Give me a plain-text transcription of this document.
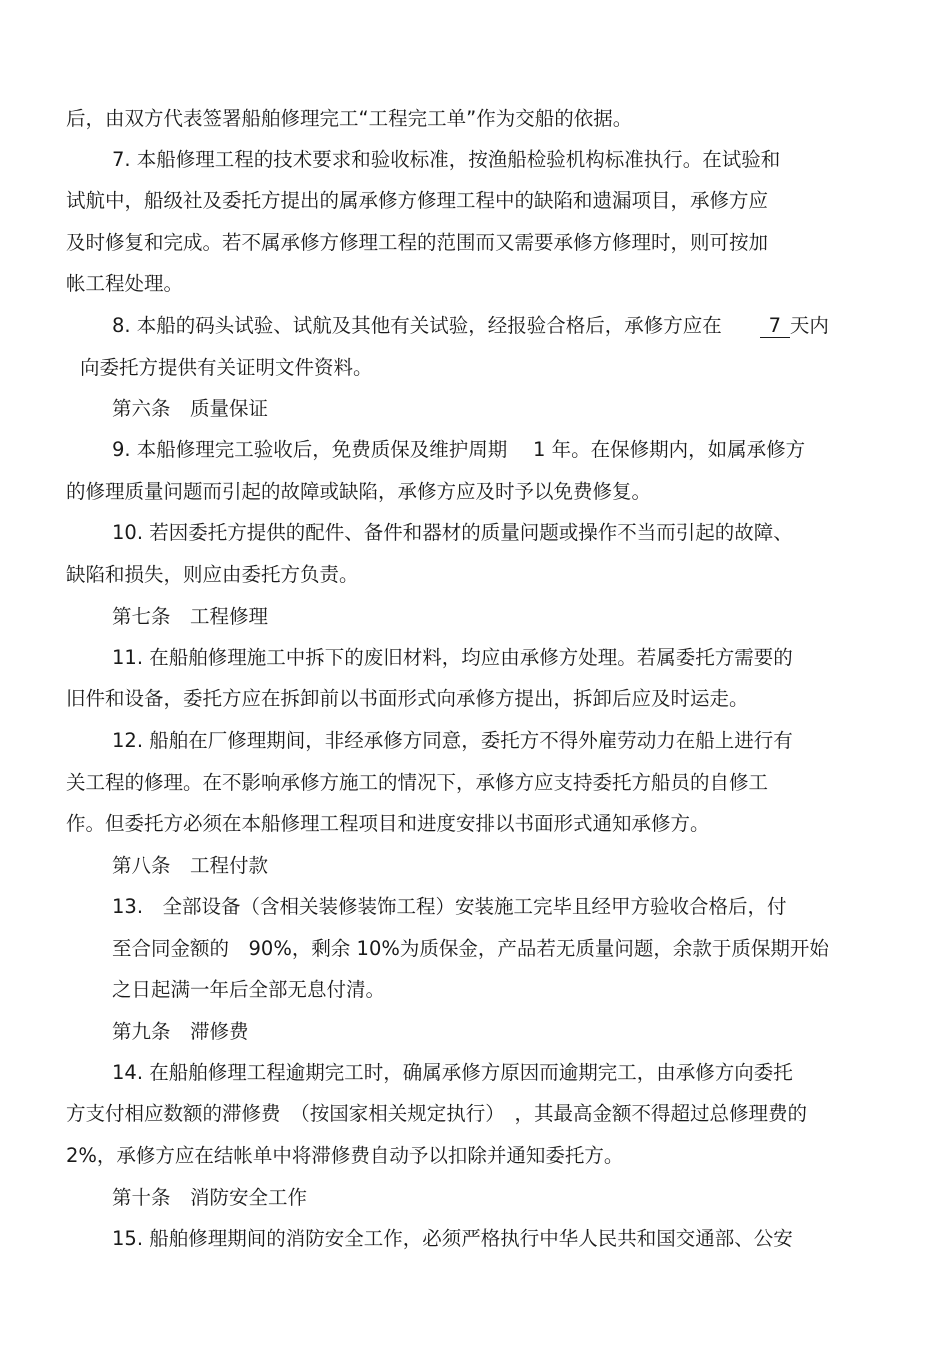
后，由双方代表签署船舶修理完工“工程完工单”作为交船的依据。
7. 本船修理工程的技术要求和验收标准，按渔船检验机构标准执行。在试验和
试航中，船级社及委托方提出的属承修方修理工程中的缺陷和遗漏项目，承修方应
及时修复和完成。若不属承修方修理工程的范围而又需要承修方修理时，则可按加
帐工程处理。
8. 本船的码头试验、试航及其他有关试验，经报验合格后，承修方应在 7 天内
向委托方提供有关证明文件资料。
第六条　质量保证
9. 本船修理完工验收后，免费质保及维护周期　 1 年。在保修期内，如属承修方
的修理质量问题而引起的故障或缺陷，承修方应及时予以免费修复。
10. 若因委托方提供的配件、备件和器材的质量问题或操作不当而引起的故障、
缺陷和损失，则应由委托方负责。
第七条　工程修理
11. 在船舶修理施工中拆下的废旧材料，均应由承修方处理。若属委托方需要的
旧件和设备，委托方应在拆卸前以书面形式向承修方提出，拆卸后应及时运走。
12. 船舶在厂修理期间，非经承修方同意，委托方不得外雇劳动力在船上进行有
关工程的修理。在不影响承修方施工的情况下，承修方应支持委托方船员的自修工
作。但委托方必须在本船修理工程项目和进度安排以书面形式通知承修方。
第八条　工程付款
13.　全部设备（含相关装修装饰工程）安装施工完毕且经甲方验收合格后，付
至合同金额的　90%，剩余 10%为质保金，产品若无质量问题，余款于质保期开始
之日起满一年后全部无息付清。
第九条　滞修费
14. 在船舶修理工程逾期完工时，确属承修方原因而逾期完工，由承修方向委托
方支付相应数额的滞修费　（按国家相关规定执行）　，其最高金额不得超过总修理费的
2%，承修方应在结帐单中将滞修费自动予以扣除并通知委托方。
第十条　消防安全工作
15. 船舶修理期间的消防安全工作，必须严格执行中华人民共和国交通部、公安
